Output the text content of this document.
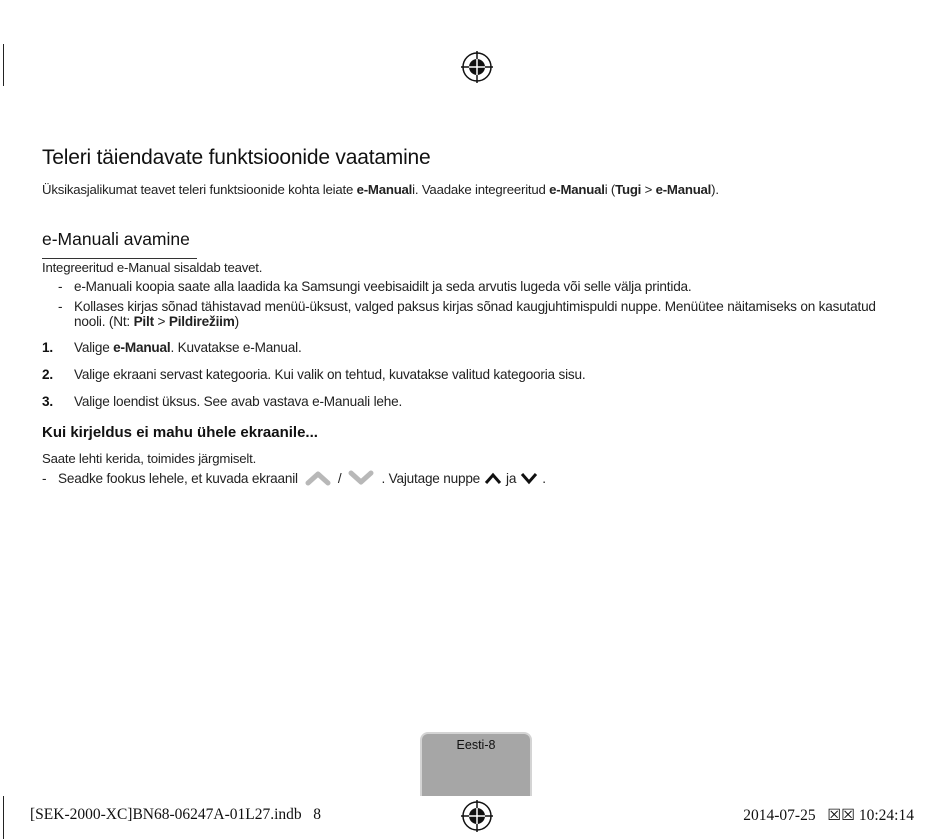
Teleri täiendavate funktsioonide vaatamine

Üksikasjalikumat teavet teleri funktsioonide kohta leiate e-Manuali. Vaadake integreeritud e-Manuali (Tugi > e-Manual).

e-Manuali avamine

Integreeritud e-Manual sisaldab teavet.

- e-Manuali koopia saate alla laadida ka Samsungi veebisaidilt ja seda arvutis lugeda või selle välja printida.
- Kollases kirjas sõnad tähistavad menüü-üksust, valged paksus kirjas sõnad kaugjuhtimispuldi nuppe. Menüütee näitamiseks on kasutatud nooli. (Nt: Pilt > Pildirežiim)

1. Valige e-Manual. Kuvatakse e-Manual.

2. Valige ekraani servast kategooria. Kui valik on tehtud, kuvatakse valitud kategooria sisu.

3. Valige loendist üksus. See avab vastava e-Manuali lehe.

Kui kirjeldus ei mahu ühele ekraanile...

Saate lehti kerida, toimides järgmiselt.

- Seadke fookus lehele, et kuvada ekraanil	/	. Vajutage nuppe ja .
Eesti-8

[SEK-2000-XC]BN68-06247A-01L27.indb   8	2014-07-25   ☒☒ 10:24:14
